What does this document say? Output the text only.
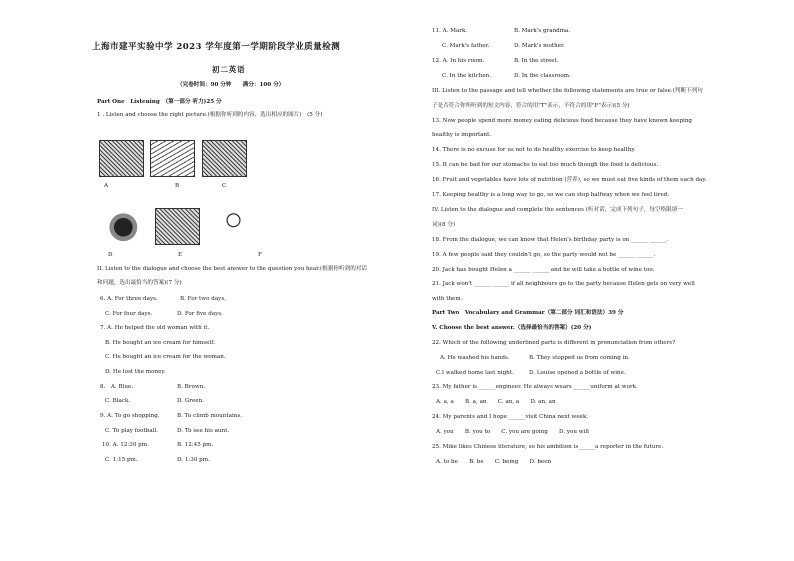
上海市建平实验中学 2023 学年度第一学期阶段学业质量检测
初二英语
（完卷时间：90 分钟　　满分：100 分）
Part One　Listening　（第一部分 听力)25 分
1 . Listen and choose the right picture.(根据你听到的内容，选出相应的图片)　(5 分)
A	B	C
D	E	F
II. Listen to the dialogue and choose the best answer to the question you hear.(根据你听到的对话
和问题，选出最恰当的答案)(7 分)
6. A. For three days.	B. For two days.
C. For four days.	D. For five days.
7. A. He helped the old woman with it.
B. He bought an ice cream for himself.
C. He bought an ice cream for the woman.
D. He lost the money.
8.　A. Blue.	B. Brown.
C. Black.	D. Green.
9. A. To go shopping.	B. To climb mountains.
C. To play football.	D. To see his aunt.
10. A. 12:30 pm.	B. 12:45 pm.
C. 1:15 pm.	D. 1:30 pm.
11. A. Mark.	B. Mark's grandma.
C. Mark's father.	D. Mark's mother.
12. A. In his room.	B. In the street.
C. In the kitchen.	D. In the classroom.
III. Listen to the passage and tell whether the following statements are true or false.(判断下列句
子是否符合你所听到的短文内容，符合的用"T"表示，不符合的用"F"表示)(5 分)
13. Now people spend more money eating delicious food because they have known keeping
healthy is important.
14. There is no excuse for us not to do healthy exercise to keep healthy.
15. It can be bad for our stomachs to eat too much though the food is delicious.
16. Fruit and vegetables have lots of nutrition (营养), so we must eat five kinds of them each day.
17. Keeping healthy is a long way to go, so we can stop halfway when we feel tired.
IV. Listen to the dialogue and complete the sentences (听对话，完成下列句子，每空格限填一
词)(8 分)
18. From the dialogue, we can know that Helen's birthday party is on ______ ______.
19. A few people said they couldn't go, so the party would not be ______ ______.
20. Jack has bought Helen a ______ ______ and he will take a bottle of wine too.
21. Jack won't ______ ______ if all neighbours go to the party because Helen gets on very well
with them.
Part Two　Vocabulary and Grammar（第二部分 词汇和语法）39 分
V. Choose the best answer.（选择最恰当的答案）(20 分)
22. Which of the following underlined parts is different in pronunciation from others?
A. He washed his hands.	B. They stopped us from coming in.
C.I walked home last night.	D. Louise opened a bottle of wine.
23. My father is ______engineer. He always wears ______uniform at work.
A. a, a　　B. a, an　　C. an, a　　D. an, an
24. My parents and I hope ______visit China next week.
A. you　　B. you to　　C. you are going　　D. you will
25. Mike likes Chinese literature, so his ambition is______a reporter in the future.
A. to be　　B. be　　C. being　　D. been
